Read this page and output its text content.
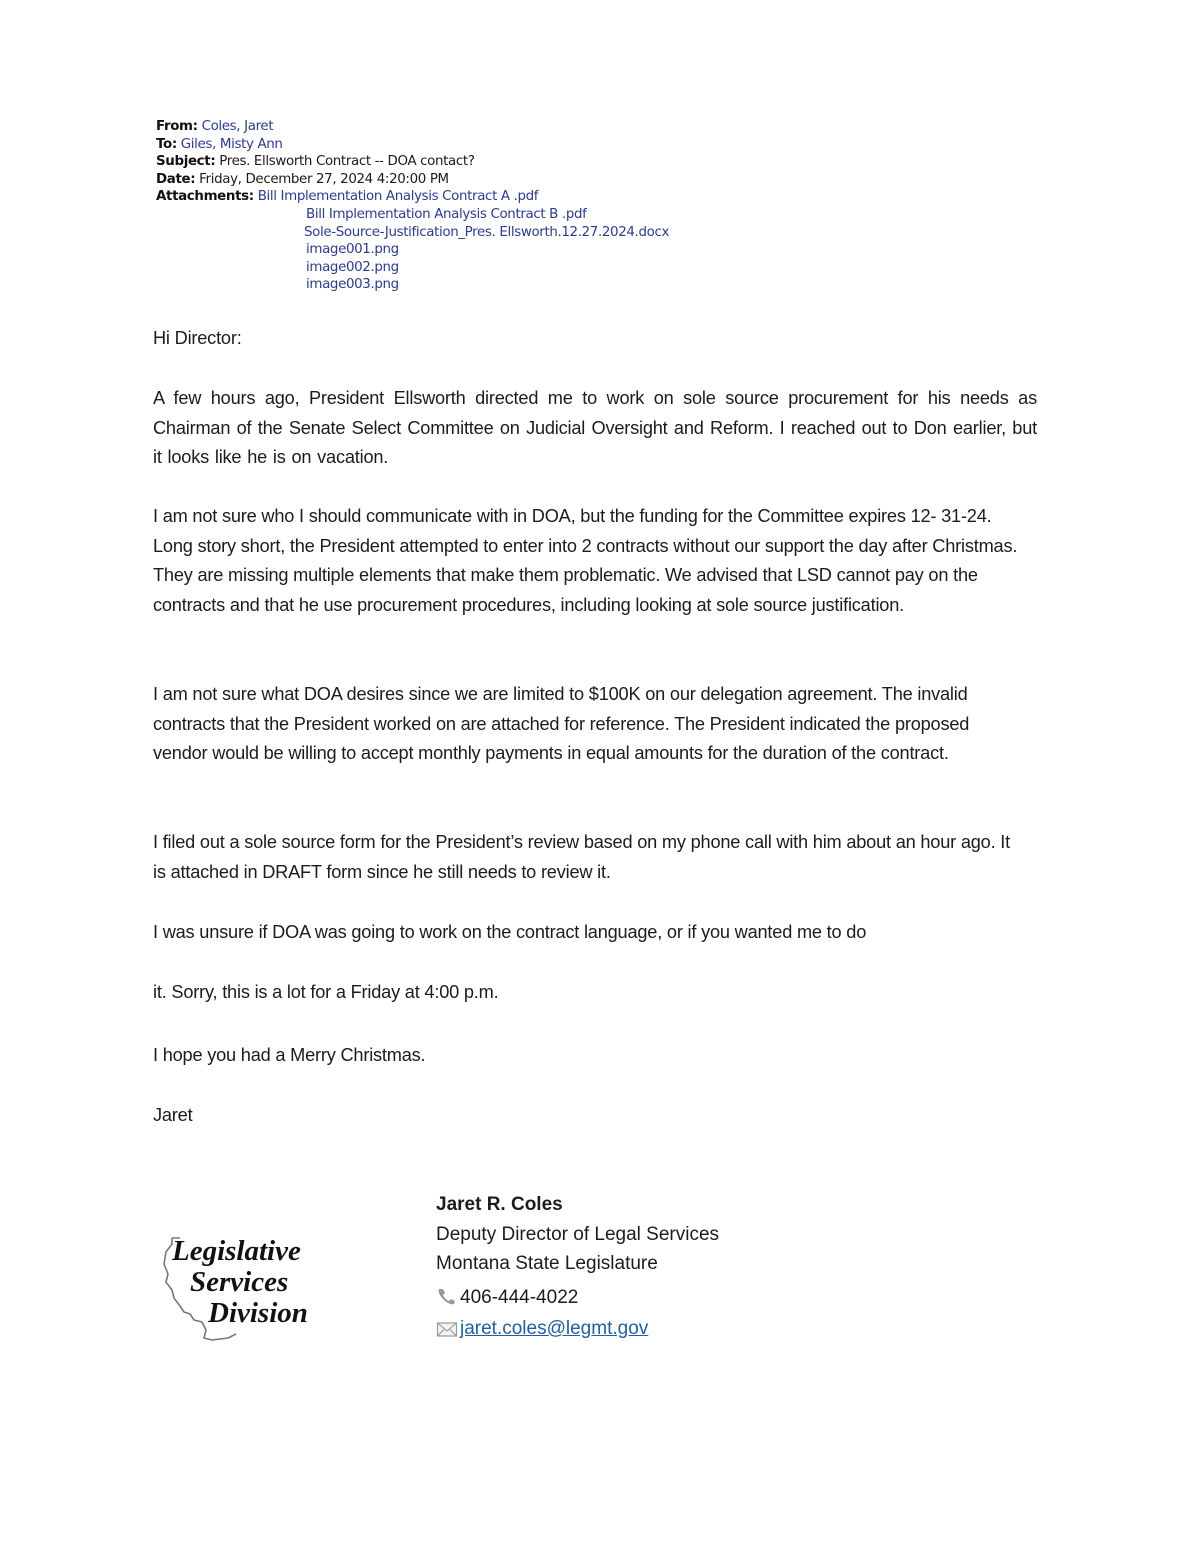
From: Coles, Jaret
To: Giles, Misty Ann
Subject: Pres. Ellsworth Contract -- DOA contact?
Date: Friday, December 27, 2024 4:20:00 PM
Attachments: Bill Implementation Analysis Contract A .pdf
Bill Implementation Analysis Contract B .pdf
Sole-Source-Justification_Pres. Ellsworth.12.27.2024.docx
image001.png
image002.png
image003.png
Hi Director:
A few hours ago, President Ellsworth directed me to work on sole source procurement for his needs as Chairman of the Senate Select Committee on Judicial Oversight and Reform. I reached out to Don earlier, but it looks like he is on vacation.
I am not sure who I should communicate with in DOA, but the funding for the Committee expires 12- 31-24. Long story short, the President attempted to enter into 2 contracts without our support the day after Christmas. They are missing multiple elements that make them problematic. We advised that LSD cannot pay on the contracts and that he use procurement procedures, including looking at sole source justification.
I am not sure what DOA desires since we are limited to $100K on our delegation agreement. The invalid contracts that the President worked on are attached for reference. The President indicated the proposed vendor would be willing to accept monthly payments in equal amounts for the duration of the contract.
I filed out a sole source form for the President’s review based on my phone call with him about an hour ago. It is attached in DRAFT form since he still needs to review it.
I was unsure if DOA was going to work on the contract language, or if you wanted me to do
it. Sorry, this is a lot for a Friday at 4:00 p.m.
I hope you had a Merry Christmas.
Jaret
Legislative
Services
Division
Jaret R. Coles
Deputy Director of Legal Services
Montana State Legislature
406-444-4022
jaret.coles@legmt.gov
